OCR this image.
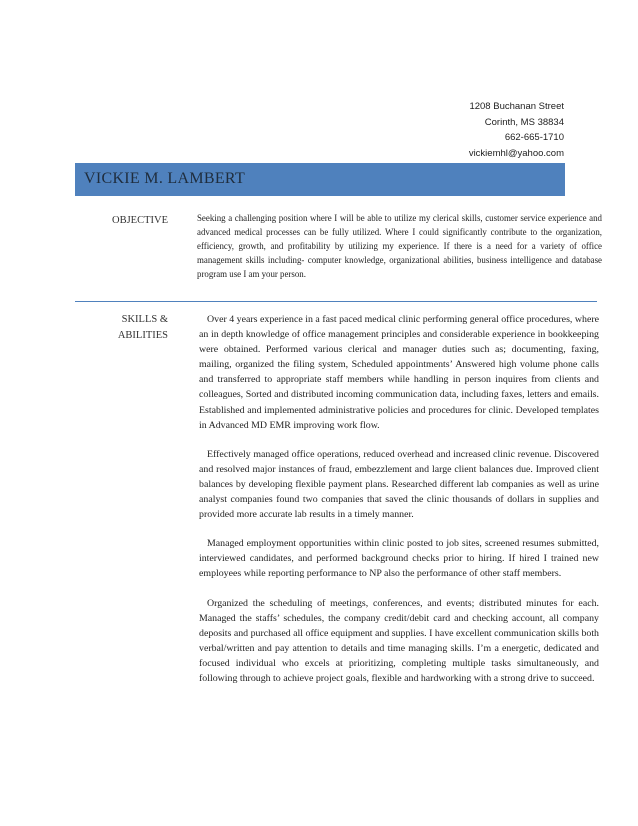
1208 Buchanan Street
Corinth, MS 38834
662-665-1710
vickiemhl@yahoo.com
VICKIE M. LAMBERT
OBJECTIVE	Seeking a challenging position where I will be able to utilize my clerical skills, customer service experience and advanced medical processes can be fully utilized. Where I could significantly contribute to the organization, efficiency, growth, and profitability by utilizing my experience. If there is a need for a variety of office management skills including- computer knowledge, organizational abilities, business intelligence and database program use I am your person.
SKILLS &
ABILITIES

Over 4 years experience in a fast paced medical clinic performing general office procedures, where an in depth knowledge of office management principles and considerable experience in bookkeeping were obtained. Performed various clerical and manager duties such as; documenting, faxing, mailing, organized the filing system, Scheduled appointments’ Answered high volume phone calls and transferred to appropriate staff members while handling in person inquires from clients and colleagues, Sorted and distributed incoming communication data, including faxes, letters and emails. Established and implemented administrative policies and procedures for clinic. Developed templates in Advanced MD EMR improving work flow.

Effectively managed office operations, reduced overhead and increased clinic revenue. Discovered and resolved major instances of fraud, embezzlement and large client balances due. Improved client balances by developing flexible payment plans. Researched different lab companies as well as urine analyst companies found two companies that saved the clinic thousands of dollars in supplies and provided more accurate lab results in a timely manner.

Managed employment opportunities within clinic posted to job sites, screened resumes submitted, interviewed candidates, and performed background checks prior to hiring. If hired I trained new employees while reporting performance to NP also the performance of other staff members.

Organized the scheduling of meetings, conferences, and events; distributed minutes for each. Managed the staffs’ schedules, the company credit/debit card and checking account, all company deposits and purchased all office equipment and supplies. I have excellent communication skills both verbal/written and pay attention to details and time managing skills. I’m a energetic, dedicated and focused individual who excels at prioritizing, completing multiple tasks simultaneously, and following through to achieve project goals, flexible and hardworking with a strong drive to succeed.
